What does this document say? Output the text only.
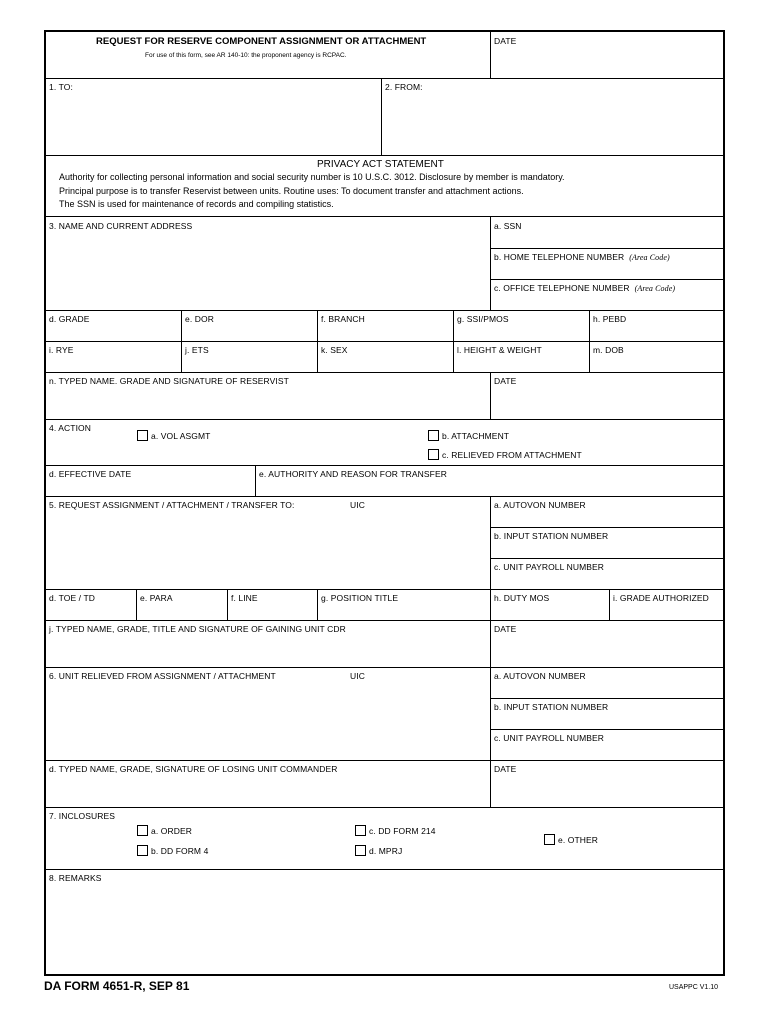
REQUEST FOR RESERVE COMPONENT ASSIGNMENT OR ATTACHMENT
For use of this form, see AR 140-10: the proponent agency is RCPAC.
DATE
1. TO:	2. FROM:
PRIVACY ACT STATEMENT
Authority for collecting personal information and social security number is 10 U.S.C. 3012. Disclosure by member is mandatory.
Principal purpose is to transfer Reservist between units. Routine uses: To document transfer and attachment actions.
The SSN is used for maintenance of records and compiling statistics.
3. NAME AND CURRENT ADDRESS	a. SSN
b. HOME TELEPHONE NUMBER (Area Code)
c. OFFICE TELEPHONE NUMBER (Area Code)
d. GRADE	e. DOR	f. BRANCH	g. SSI/PMOS	h. PEBD
i. RYE	j. ETS	k. SEX	l. HEIGHT & WEIGHT	m. DOB
n. TYPED NAME. GRADE AND SIGNATURE OF RESERVIST	DATE
4. ACTION
a. VOL ASGMT	b. ATTACHMENT
c. RELIEVED FROM ATTACHMENT
d. EFFECTIVE DATE	e. AUTHORITY AND REASON FOR TRANSFER
5. REQUEST ASSIGNMENT / ATTACHMENT / TRANSFER TO:	UIC	a. AUTOVON NUMBER
b. INPUT STATION NUMBER
c. UNIT PAYROLL NUMBER
d. TOE / TD	e. PARA	f. LINE	g. POSITION TITLE	h. DUTY MOS	i. GRADE AUTHORIZED
j. TYPED NAME, GRADE, TITLE AND SIGNATURE OF GAINING UNIT CDR	DATE
6. UNIT RELIEVED FROM ASSIGNMENT / ATTACHMENT	UIC	a. AUTOVON NUMBER
b. INPUT STATION NUMBER
c. UNIT PAYROLL NUMBER
d. TYPED NAME, GRADE, SIGNATURE OF LOSING UNIT COMMANDER	DATE
7. INCLOSURES
a. ORDER
b. DD FORM 4
c. DD FORM 214
d. MPRJ
e. OTHER
8. REMARKS
DA FORM 4651-R, SEP 81	USAPPC V1.10
